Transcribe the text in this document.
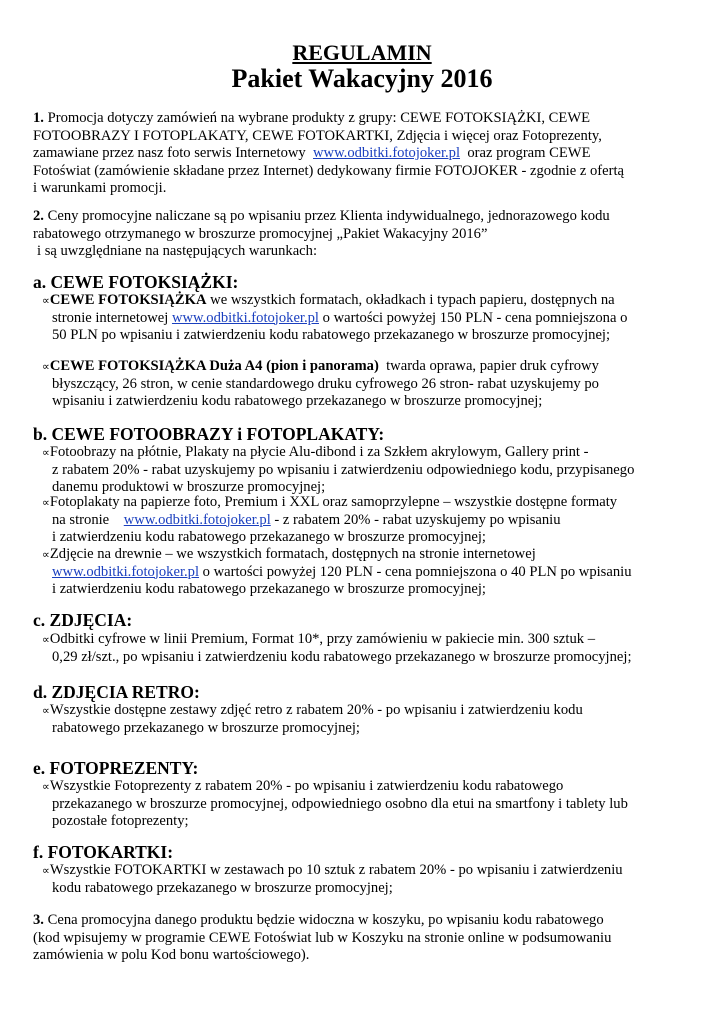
REGULAMIN
Pakiet Wakacyjny 2016
1. Promocja dotyczy zamówień na wybrane produkty z grupy: CEWE FOTOKSIĄŻKI, CEWE
FOTOOBRAZY I FOTOPLAKATY, CEWE FOTOKARTKI, Zdjęcia i więcej oraz Fotoprezenty,
zamawiane przez nasz foto serwis Internetowy www.odbitki.fotojoker.pl oraz program CEWE
Fotoświat (zamówienie składane przez Internet) dedykowany firmie FOTOJOKER - zgodnie z ofertą
i warunkami promocji.
2. Ceny promocyjne naliczane są po wpisaniu przez Klienta indywidualnego, jednorazowego kodu
rabatowego otrzymanego w broszurze promocyjnej „Pakiet Wakacyjny 2016”
i są uwzględniane na następujących warunkach:
a. CEWE FOTOKSIĄŻKI:
∝CEWE FOTOKSIĄŻKA we wszystkich formatach, okładkach i typach papieru, dostępnych na
stronie internetowej www.odbitki.fotojoker.pl o wartości powyżej 150 PLN - cena pomniejszona o
50 PLN po wpisaniu i zatwierdzeniu kodu rabatowego przekazanego w broszurze promocyjnej;
∝CEWE FOTOKSIĄŻKA Duża A4 (pion i panorama) twarda oprawa, papier druk cyfrowy
błyszczący, 26 stron, w cenie standardowego druku cyfrowego 26 stron- rabat uzyskujemy po
wpisaniu i zatwierdzeniu kodu rabatowego przekazanego w broszurze promocyjnej;
b. CEWE FOTOOBRAZY i FOTOPLAKATY:
∝Fotoobrazy na płótnie, Plakaty na płycie Alu-dibond i za Szkłem akrylowym, Gallery print -
z rabatem 20% - rabat uzyskujemy po wpisaniu i zatwierdzeniu odpowiedniego kodu, przypisanego
danemu produktowi w broszurze promocyjnej;
∝Fotoplakaty na papierze foto, Premium i XXL oraz samoprzylepne – wszystkie dostępne formaty
na stronie www.odbitki.fotojoker.pl - z rabatem 20% - rabat uzyskujemy po wpisaniu
i zatwierdzeniu kodu rabatowego przekazanego w broszurze promocyjnej;
∝Zdjęcie na drewnie – we wszystkich formatach, dostępnych na stronie internetowej
www.odbitki.fotojoker.pl o wartości powyżej 120 PLN - cena pomniejszona o 40 PLN po wpisaniu
i zatwierdzeniu kodu rabatowego przekazanego w broszurze promocyjnej;
c. ZDJĘCIA:
∝Odbitki cyfrowe w linii Premium, Format 10*, przy zamówieniu w pakiecie min. 300 sztuk –
0,29 zł/szt., po wpisaniu i zatwierdzeniu kodu rabatowego przekazanego w broszurze promocyjnej;
d. ZDJĘCIA RETRO:
∝Wszystkie dostępne zestawy zdjęć retro z rabatem 20% - po wpisaniu i zatwierdzeniu kodu
rabatowego przekazanego w broszurze promocyjnej;
e. FOTOPREZENTY:
∝Wszystkie Fotoprezenty z rabatem 20% - po wpisaniu i zatwierdzeniu kodu rabatowego
przekazanego w broszurze promocyjnej, odpowiedniego osobno dla etui na smartfony i tablety lub
pozostałe fotoprezenty;
f. FOTOKARTKI:
∝Wszystkie FOTOKARTKI w zestawach po 10 sztuk z rabatem 20% - po wpisaniu i zatwierdzeniu
kodu rabatowego przekazanego w broszurze promocyjnej;
3. Cena promocyjna danego produktu będzie widoczna w koszyku, po wpisaniu kodu rabatowego
(kod wpisujemy w programie CEWE Fotoświat lub w Koszyku na stronie online w podsumowaniu
zamówienia w polu Kod bonu wartościowego).
